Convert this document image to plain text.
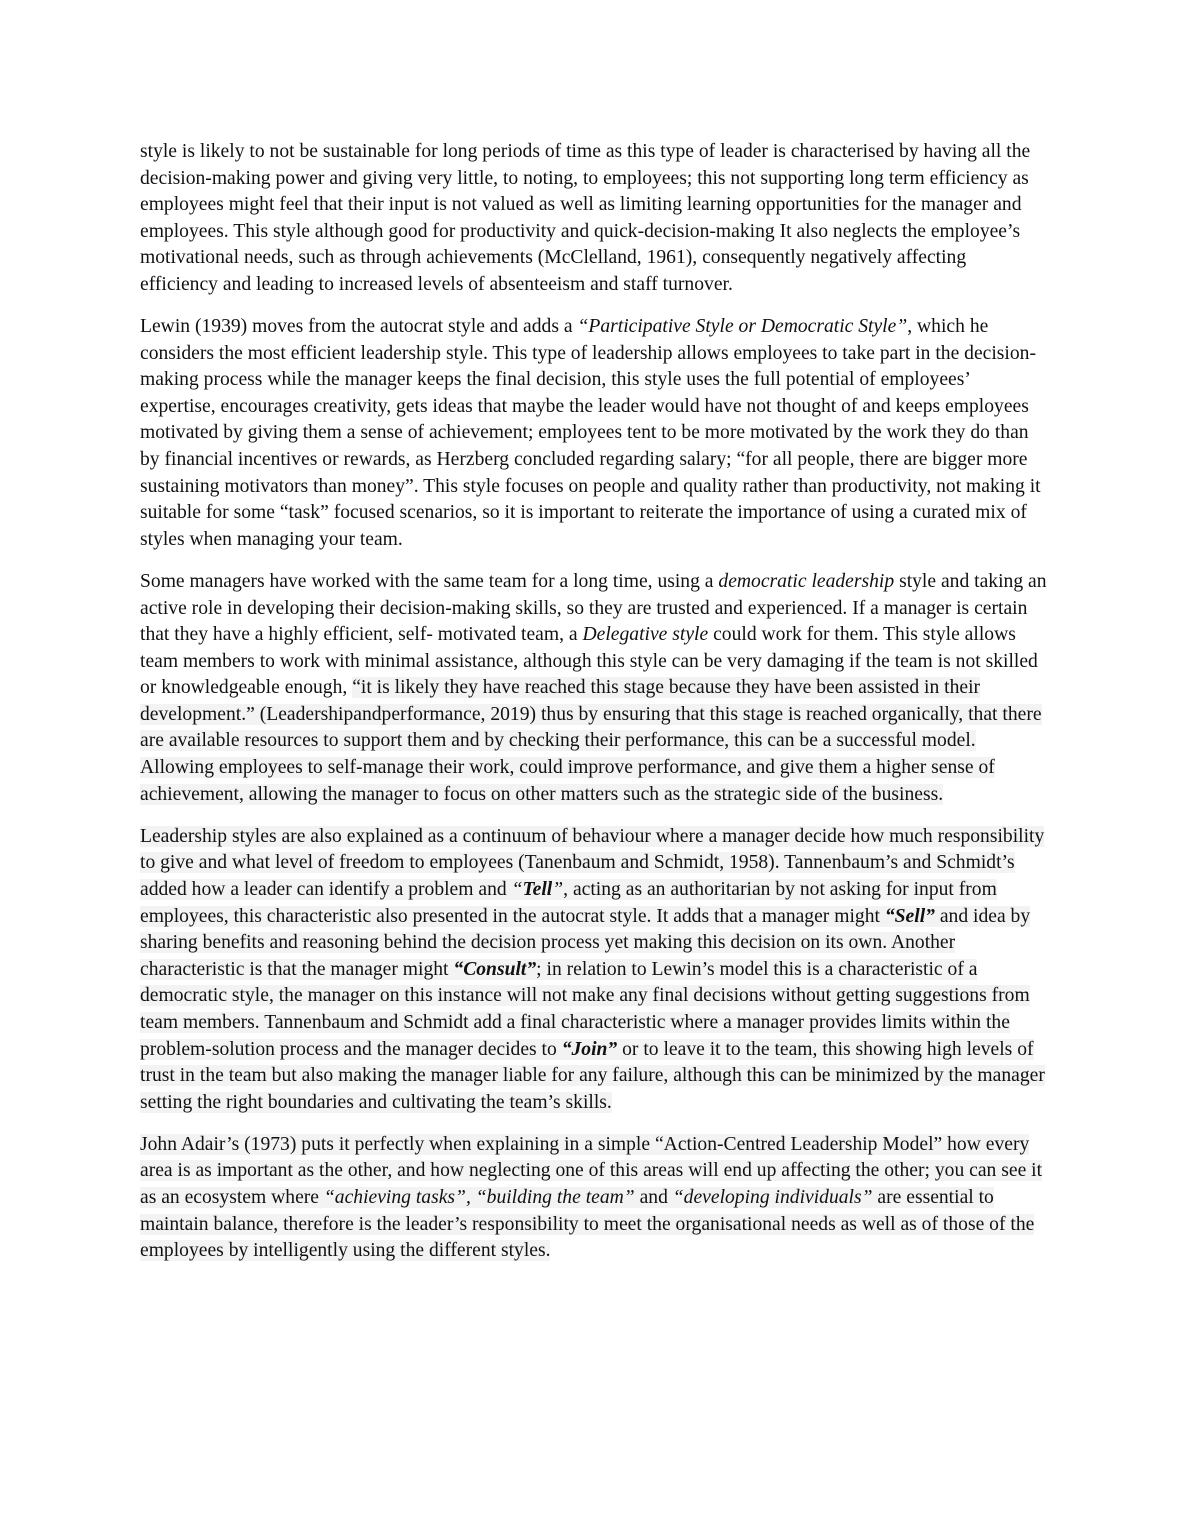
style is likely to not be sustainable for long periods of time as this type of leader is characterised by having all the decision-making power and giving very little, to noting, to employees; this not supporting long term efficiency as employees might feel that their input is not valued as well as limiting learning opportunities for the manager and employees. This style although good for productivity and quick-decision-making It also neglects the employee’s motivational needs, such as through achievements (McClelland, 1961), consequently negatively affecting efficiency and leading to increased levels of absenteeism and staff turnover.

Lewin (1939) moves from the autocrat style and adds a “Participative Style or Democratic Style”, which he considers the most efficient leadership style. This type of leadership allows employees to take part in the decision-making process while the manager keeps the final decision, this style uses the full potential of employees’ expertise, encourages creativity, gets ideas that maybe the leader would have not thought of and keeps employees motivated by giving them a sense of achievement; employees tent to be more motivated by the work they do than by financial incentives or rewards, as Herzberg concluded regarding salary; “for all people, there are bigger more sustaining motivators than money”. This style focuses on people and quality rather than productivity, not making it suitable for some “task” focused scenarios, so it is important to reiterate the importance of using a curated mix of styles when managing your team.

Some managers have worked with the same team for a long time, using a democratic leadership style and taking an active role in developing their decision-making skills, so they are trusted and experienced. If a manager is certain that they have a highly efficient, self- motivated team, a Delegative style could work for them. This style allows team members to work with minimal assistance, although this style can be very damaging if the team is not skilled or knowledgeable enough, “it is likely they have reached this stage because they have been assisted in their development.” (Leadershipandperformance, 2019) thus by ensuring that this stage is reached organically, that there are available resources to support them and by checking their performance, this can be a successful model. Allowing employees to self-manage their work, could improve performance, and give them a higher sense of achievement, allowing the manager to focus on other matters such as the strategic side of the business.

Leadership styles are also explained as a continuum of behaviour where a manager decide how much responsibility to give and what level of freedom to employees (Tanenbaum and Schmidt, 1958). Tannenbaum’s and Schmidt’s added how a leader can identify a problem and “Tell”, acting as an authoritarian by not asking for input from employees, this characteristic also presented in the autocrat style. It adds that a manager might “Sell” and idea by sharing benefits and reasoning behind the decision process yet making this decision on its own. Another characteristic is that the manager might “Consult”; in relation to Lewin’s model this is a characteristic of a democratic style, the manager on this instance will not make any final decisions without getting suggestions from team members. Tannenbaum and Schmidt add a final characteristic where a manager provides limits within the problem-solution process and the manager decides to “Join” or to leave it to the team, this showing high levels of trust in the team but also making the manager liable for any failure, although this can be minimized by the manager setting the right boundaries and cultivating the team’s skills.

John Adair’s (1973) puts it perfectly when explaining in a simple “Action-Centred Leadership Model” how every area is as important as the other, and how neglecting one of this areas will end up affecting the other; you can see it as an ecosystem where “achieving tasks”, “building the team” and “developing individuals” are essential to maintain balance, therefore is the leader’s responsibility to meet the organisational needs as well as of those of the employees by intelligently using the different styles.
